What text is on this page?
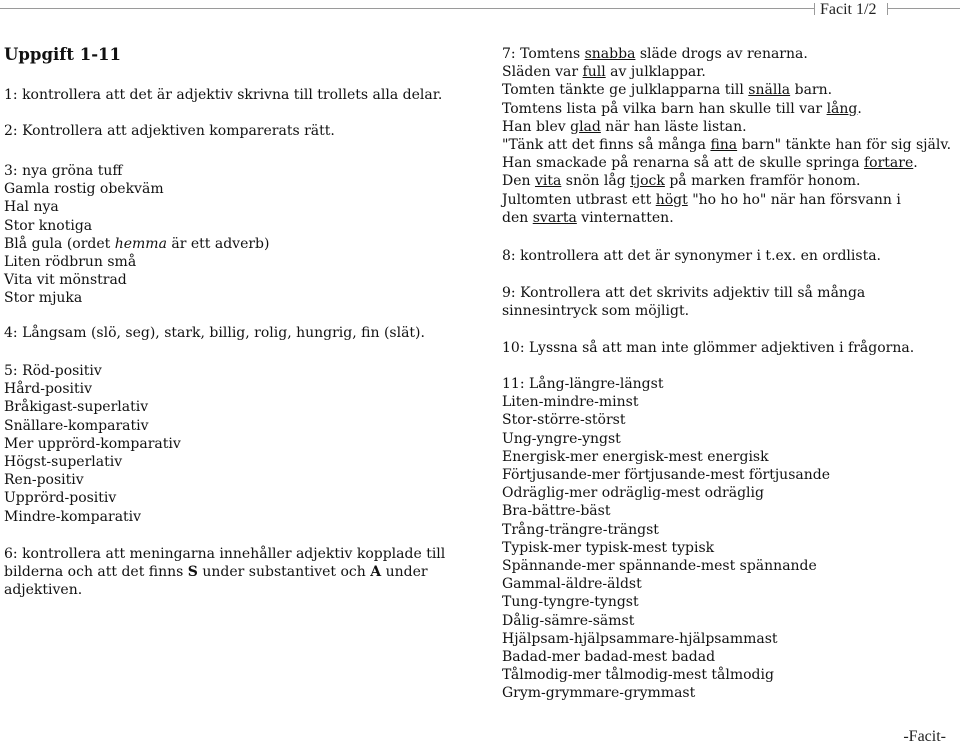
Facit 1/2
Uppgift 1-11
1: kontrollera att det är adjektiv skrivna till trollets alla delar.
2: Kontrollera att adjektiven komparerats rätt.
3: nya gröna tuff
Gamla rostig obekväm
Hal nya
Stor knotiga
Blå gula (ordet hemma är ett adverb)
Liten rödbrun små
Vita vit mönstrad
Stor mjuka
4: Långsam (slö, seg), stark, billig, rolig, hungrig, fin (slät).
5: Röd-positiv
Hård-positiv
Bråkigast-superlativ
Snällare-komparativ
Mer upprörd-komparativ
Högst-superlativ
Ren-positiv
Upprörd-positiv
Mindre-komparativ
6: kontrollera att meningarna innehåller adjektiv kopplade till
bilderna och att det finns S under substantivet och A under
adjektiven.
7: Tomtens snabba släde drogs av renarna.
Släden var full av julklappar.
Tomten tänkte ge julklapparna till snälla barn.
Tomtens lista på vilka barn han skulle till var lång.
Han blev glad när han läste listan.
"Tänk att det finns så många fina barn" tänkte han för sig själv.
Han smackade på renarna så att de skulle springa fortare.
Den vita snön låg tjock på marken framför honom.
Jultomten utbrast ett högt "ho ho ho" när han försvann i
den svarta vinternatten.
8: kontrollera att det är synonymer i t.ex. en ordlista.
9: Kontrollera att det skrivits adjektiv till så många
sinnesintryck som möjligt.
10: Lyssna så att man inte glömmer adjektiven i frågorna.
11: Lång-längre-längst
Liten-mindre-minst
Stor-större-störst
Ung-yngre-yngst
Energisk-mer energisk-mest energisk
Förtjusande-mer förtjusande-mest förtjusande
Odräglig-mer odräglig-mest odräglig
Bra-bättre-bäst
Trång-trängre-trängst
Typisk-mer typisk-mest typisk
Spännande-mer spännande-mest spännande
Gammal-äldre-äldst
Tung-tyngre-tyngst
Dålig-sämre-sämst
Hjälpsam-hjälpsammare-hjälpsammast
Badad-mer badad-mest badad
Tålmodig-mer tålmodig-mest tålmodig
Grym-grymmare-grymmast
-Facit-
